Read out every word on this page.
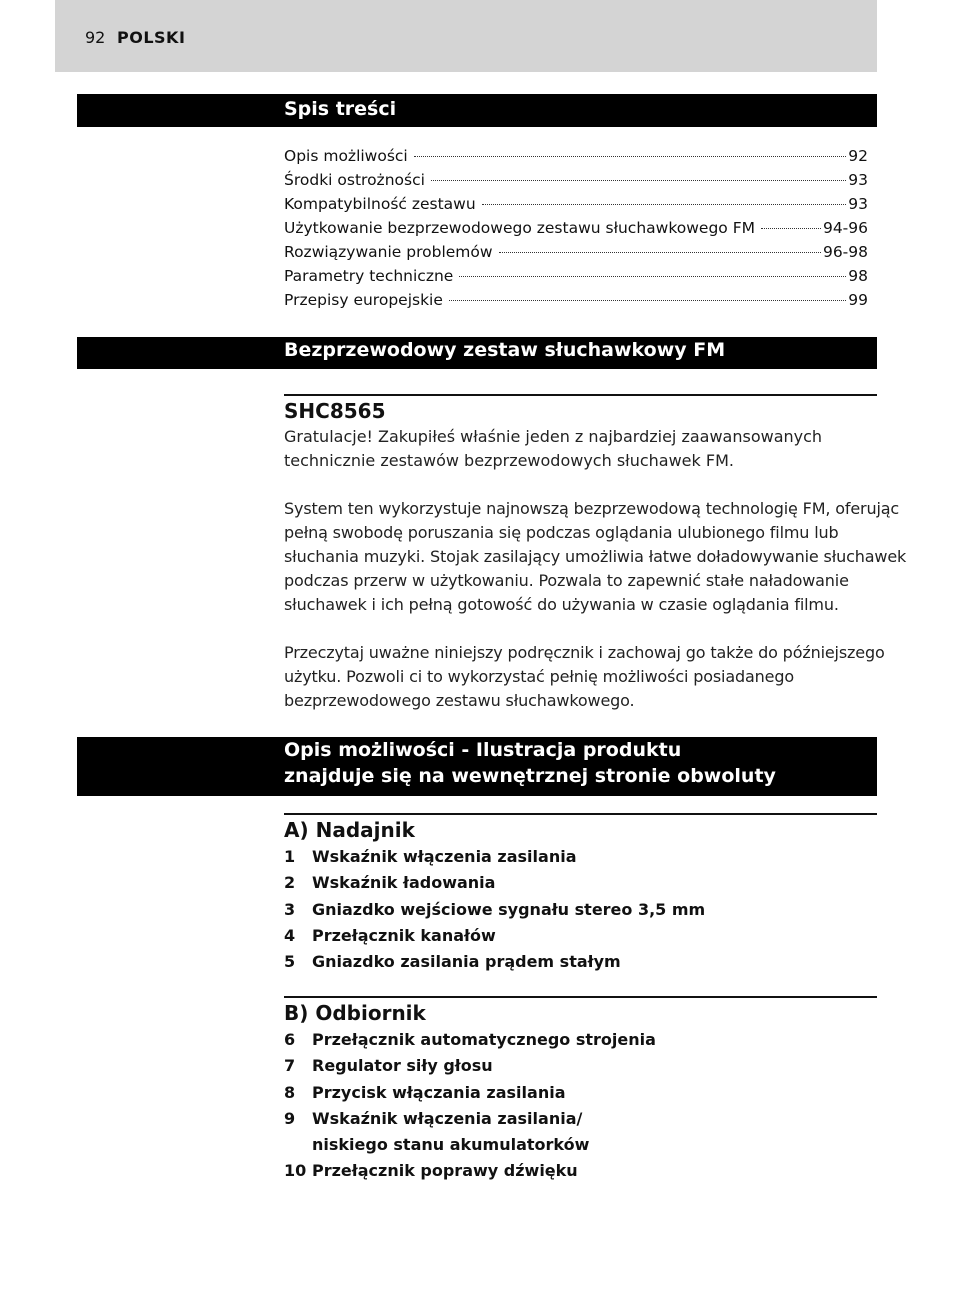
92 POLSKI
Spis treści
Opis możliwości	92
Środki ostrożności	93
Kompatybilność zestawu	93
Użytkowanie bezprzewodowego zestawu słuchawkowego FM	94-96
Rozwiązywanie problemów	96-98
Parametry techniczne	98
Przepisy europejskie	99
Bezprzewodowy zestaw słuchawkowy FM
SHC8565
Gratulacje! Zakupiłeś właśnie jeden z najbardziej zaawansowanych
technicznie zestawów bezprzewodowych słuchawek FM.
System ten wykorzystuje najnowszą bezprzewodową technologię FM, oferując
pełną swobodę poruszania się podczas oglądania ulubionego filmu lub
słuchania muzyki. Stojak zasilający umożliwia łatwe doładowywanie słuchawek
podczas przerw w użytkowaniu. Pozwala to zapewnić stałe naładowanie
słuchawek i ich pełną gotowość do używania w czasie oglądania filmu.
Przeczytaj uważne niniejszy podręcznik i zachowaj go także do późniejszego
użytku. Pozwoli ci to wykorzystać pełnię możliwości posiadanego
bezprzewodowego zestawu słuchawkowego.
Opis możliwości - Ilustracja produktu
znajduje się na wewnętrznej stronie obwoluty
A) Nadajnik
1	Wskaźnik włączenia zasilania
2	Wskaźnik ładowania
3	Gniazdko wejściowe sygnału stereo 3,5 mm
4	Przełącznik kanałów
5	Gniazdko zasilania prądem stałym
B) Odbiornik
6	Przełącznik automatycznego strojenia
7	Regulator siły głosu
8	Przycisk włączania zasilania
9	Wskaźnik włączenia zasilania/
niskiego stanu akumulatorków
10 Przełącznik poprawy dźwięku
